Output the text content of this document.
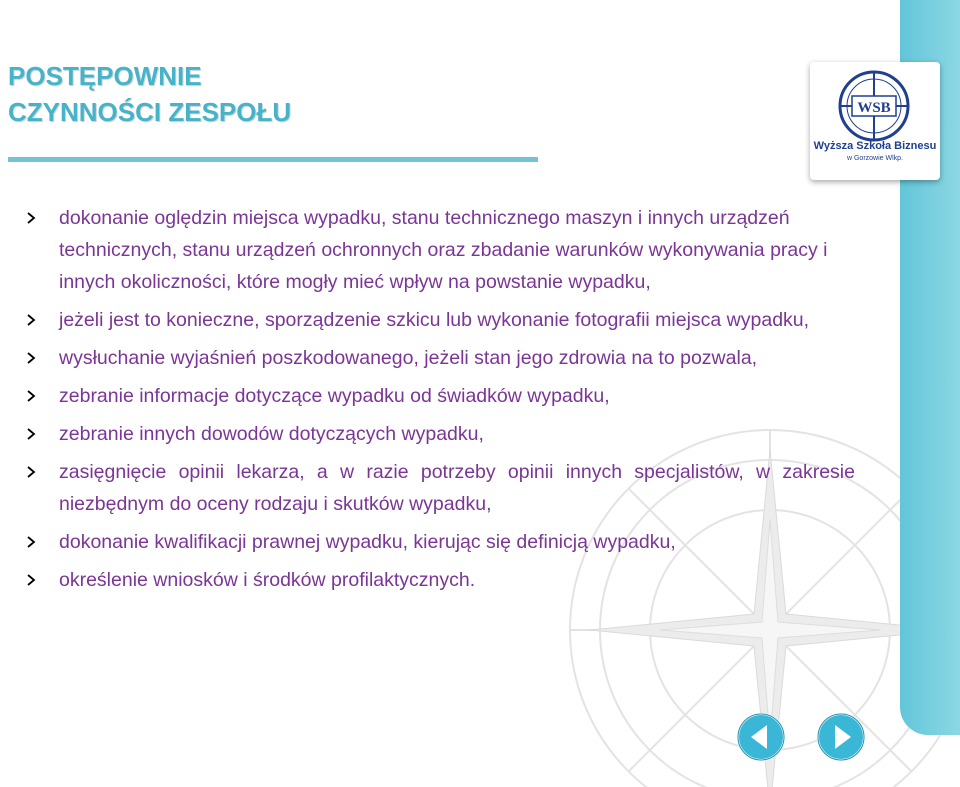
POSTĘPOWNIE
CZYNNOŚCI ZESPOŁU	WSB
Wyższa Szkoła Biznesu
w Gorzowie Wlkp.
dokonanie oględzin miejsca wypadku, stanu technicznego maszyn i innych urządzeń technicznych, stanu urządzeń ochronnych oraz zbadanie warunków wykonywania pracy i innych okoliczności, które mogły mieć wpływ na powstanie wypadku,
jeżeli jest to konieczne, sporządzenie szkicu lub wykonanie fotografii miejsca wypadku,
wysłuchanie wyjaśnień poszkodowanego, jeżeli stan jego zdrowia na to pozwala,
zebranie informacje dotyczące wypadku od świadków wypadku,
zebranie innych dowodów dotyczących wypadku,
zasięgnięcie opinii lekarza, a w razie potrzeby opinii innych specjalistów, w zakresie niezbędnym do oceny rodzaju i skutków wypadku,
dokonanie kwalifikacji prawnej wypadku, kierując się definicją wypadku,
określenie wniosków i środków profilaktycznych.
